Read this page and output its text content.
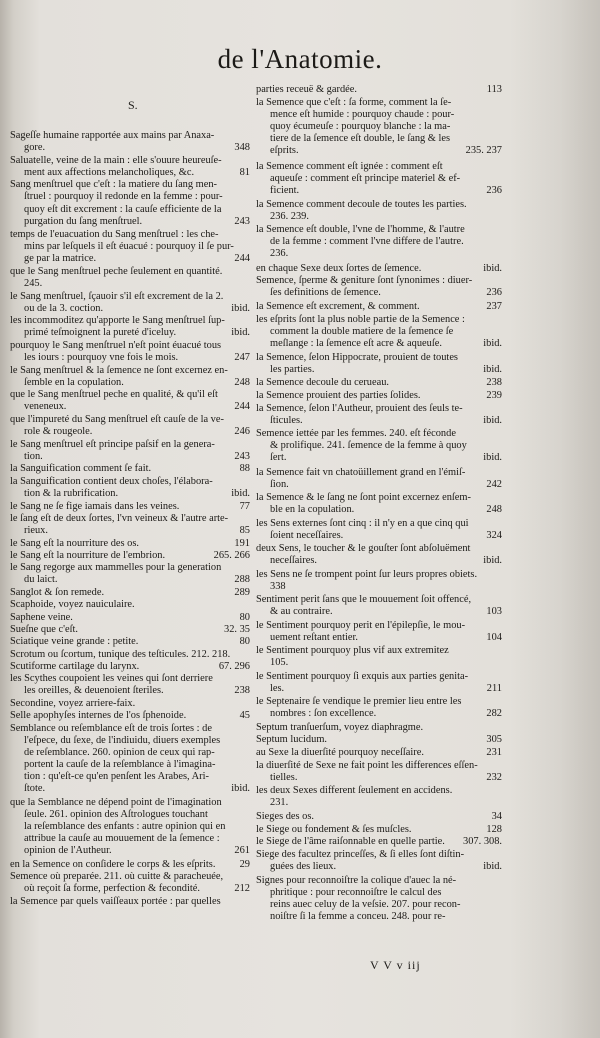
de l'Anatomie.
S.
Sageſſe humaine rapportée aux mains par Anaxa-
gore.	348
Saluatelle, veine de la main : elle s'ouure heureuſe-
ment aux affections melancholiques, &c.	81
Sang menſtruel que c'eſt : la matiere du ſang men-
ſtruel : pourquoy il redonde en la femme : pour-
quoy eſt dit excrement : la cauſe efficiente de la
purgation du ſang menſtruel.	243
temps de l'euacuation du Sang menſtruel : les che-
mins par leſquels il eſt éuacué : pourquoy il ſe pur-
ge par la matrice.	244
que le Sang menſtruel peche ſeulement en quantité.
245.
le Sang menſtruel, ſçauoir s'il eſt excrement de la 2.
ou de la 3. coction.	ibid.
les incommoditez qu'apporte le Sang menſtruel ſup-
primé teſmoignent la pureté d'iceluy.	ibid.
pourquoy le Sang menſtruel n'eſt point éuacué tous
les iours : pourquoy vne fois le mois.	247
le Sang menſtruel & la ſemence ne ſont excernez en-
ſemble en la copulation.	248
que le Sang menſtruel peche en qualité, & qu'il eſt
veneneux.	244
que l'impureté du Sang menſtruel eſt cauſe de la ve-
role & rougeole.	246
le Sang menſtruel eſt principe paſsif en la genera-
tion.	243
la Sanguification comment ſe fait.	88
la Sanguification contient deux choſes, l'élabora-
tion & la rubrification.	ibid.
le Sang ne ſe fige iamais dans les veines.	77
le ſang eſt de deux ſortes, l'vn veineux & l'autre arte-
rieux.	85
le Sang eſt la nourriture des os.	191
le Sang eſt la nourriture de l'embrion.	265. 266
le Sang regorge aux mammelles pour la generation
du laict.	288
Sanglot & ſon remede.	289
Scaphoide, voyez nauiculaire.
Saphene veine.	80
Sueſne que c'eſt.	32. 35
Sciatique veine grande : petite.	80
Scrotum ou ſcortum, tunique des teſticules. 212. 218.
Scutiforme cartilage du larynx.	67. 296
les Scythes coupoient les veines qui ſont derriere
les oreilles, & deuenoient ſteriles.	238
Secondine, voyez arriere-faix.
Selle apophyſes internes de l'os ſphenoide.	45
Semblance ou reſemblance eſt de trois ſortes : de
l'eſpece, du ſexe, de l'indiuidu, diuers exemples
de reſemblance. 260. opinion de ceux qui rap-
portent la cauſe de la reſemblance à l'imagina-
tion : qu'eſt-ce qu'en penſent les Arabes, Ari-
ſtote.	ibid.
que la Semblance ne dépend point de l'imagination
ſeule. 261. opinion des Aſtrologues touchant
la reſemblance des enfants : autre opinion qui en
attribue la cauſe au mouuement de la ſemence :
opinion de l'Autheur.	261
en la Semence on conſidere le corps & les eſprits. 29
Semence où preparée. 211. où cuitte & paracheuée,
où reçoit ſa forme, perfection & fecondité.	212
la Semence par quels vaiſſeaux portée : par quelles
parties receuë & gardée.	113
la Semence que c'eſt : ſa forme, comment la ſe-
mence eſt humide : pourquoy chaude : pour-
quoy écumeuſe : pourquoy blanche : la ma-
tiere de la ſemence eſt double, le ſang & les
eſprits.	235. 237
la Semence comment eſt ignée : comment eſt
aqueuſe : comment eſt principe materiel & ef-
ficient.	236
la Semence comment decoule de toutes les parties.
236. 239.
la Semence eſt double, l'vne de l'homme, & l'autre
de la femme : comment l'vne differe de l'autre.
236.
en chaque Sexe deux ſortes de ſemence.	ibid.
Semence, ſperme & geniture ſont ſynonimes : diuer-
ſes definitions de ſemence.	236
la Semence eſt excrement, & comment.	237
les eſprits ſont la plus noble partie de la Semence :
comment la double matiere de la ſemence ſe
meſlange : la ſemence eſt acre & aqueuſe.	ibid.
la Semence, ſelon Hippocrate, prouient de toutes
les parties.	ibid.
la Semence decoule du cerueau.	238
la Semence prouient des parties ſolides.	239
la Semence, ſelon l'Autheur, prouient des ſeuls te-
ſticules.	ibid.
Semence iettée par les femmes. 240. eſt féconde
& prolifique. 241. ſemence de la femme à quoy
ſert.	ibid.
la Semence fait vn chatoüillement grand en l'émiſ-
ſion.	242
la Semence & le ſang ne ſont point excernez enſem-
ble en la copulation.	248
les Sens externes ſont cinq : il n'y en a que cinq qui
ſoient neceſſaires.	324
deux Sens, le toucher & le gouſter ſont abſoluëment
neceſſaires.	ibid.
les Sens ne ſe trompent point ſur leurs propres obiets.
338
Sentiment perit ſans que le mouuement ſoit offencé,
& au contraire.	103
le Sentiment pourquoy perit en l'épilepſie, le mou-
uement reſtant entier.	104
le Sentiment pourquoy plus vif aux extremitez
105.
le Sentiment pourquoy ſi exquis aux parties genita-
les.	211
le Septenaire ſe vendique le premier lieu entre les
nombres : ſon excellence.	282
Septum tranſuerſum, voyez diaphragme.
Septum lucidum.	305
au Sexe la diuerſité pourquoy neceſſaire.	231
la diuerſité de Sexe ne fait point les differences eſſen-
tielles.	232
les deux Sexes different ſeulement en accidens.
231.
Sieges des os.	34
le Siege ou fondement & ſes muſcles.	128
le Siege de l'âme raiſonnable en quelle partie. 307. 308.
Siege des facultez princeſſes, & ſi elles ſont diſtin-
guées des lieux.	ibid.
Signes pour reconnoiſtre la colique d'auec la né-
phritique : pour reconnoiſtre le calcul des
reins auec celuy de la veſsie. 207. pour recon-
noiſtre ſi la femme a conceu. 248. pour re-
V V v iij
